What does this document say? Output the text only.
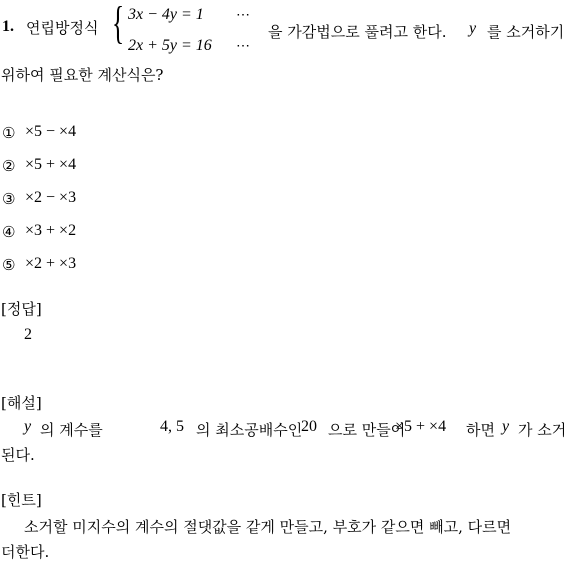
1. 연립방정식 { 3x − 4y = 1 ⋯
2x + 5y = 16 ⋯
을 가감법으로 풀려고 한다. y 를 소거하기
위하여 필요한 계산식은?
① ×5 − ×4
② ×5 + ×4
③ ×2 − ×3
④ ×3 + ×2
⑤ ×2 + ×3
[정답]
2
[해설]
y 의 계수를	4, 5 의 최소공배수인
20 으로 만들어
×5 + ×4 하면 y 가 소거
된다.
[힌트]
소거할 미지수의 계수의 절댓값을 같게 만들고, 부호가 같으면 빼고, 다르면
더한다.
